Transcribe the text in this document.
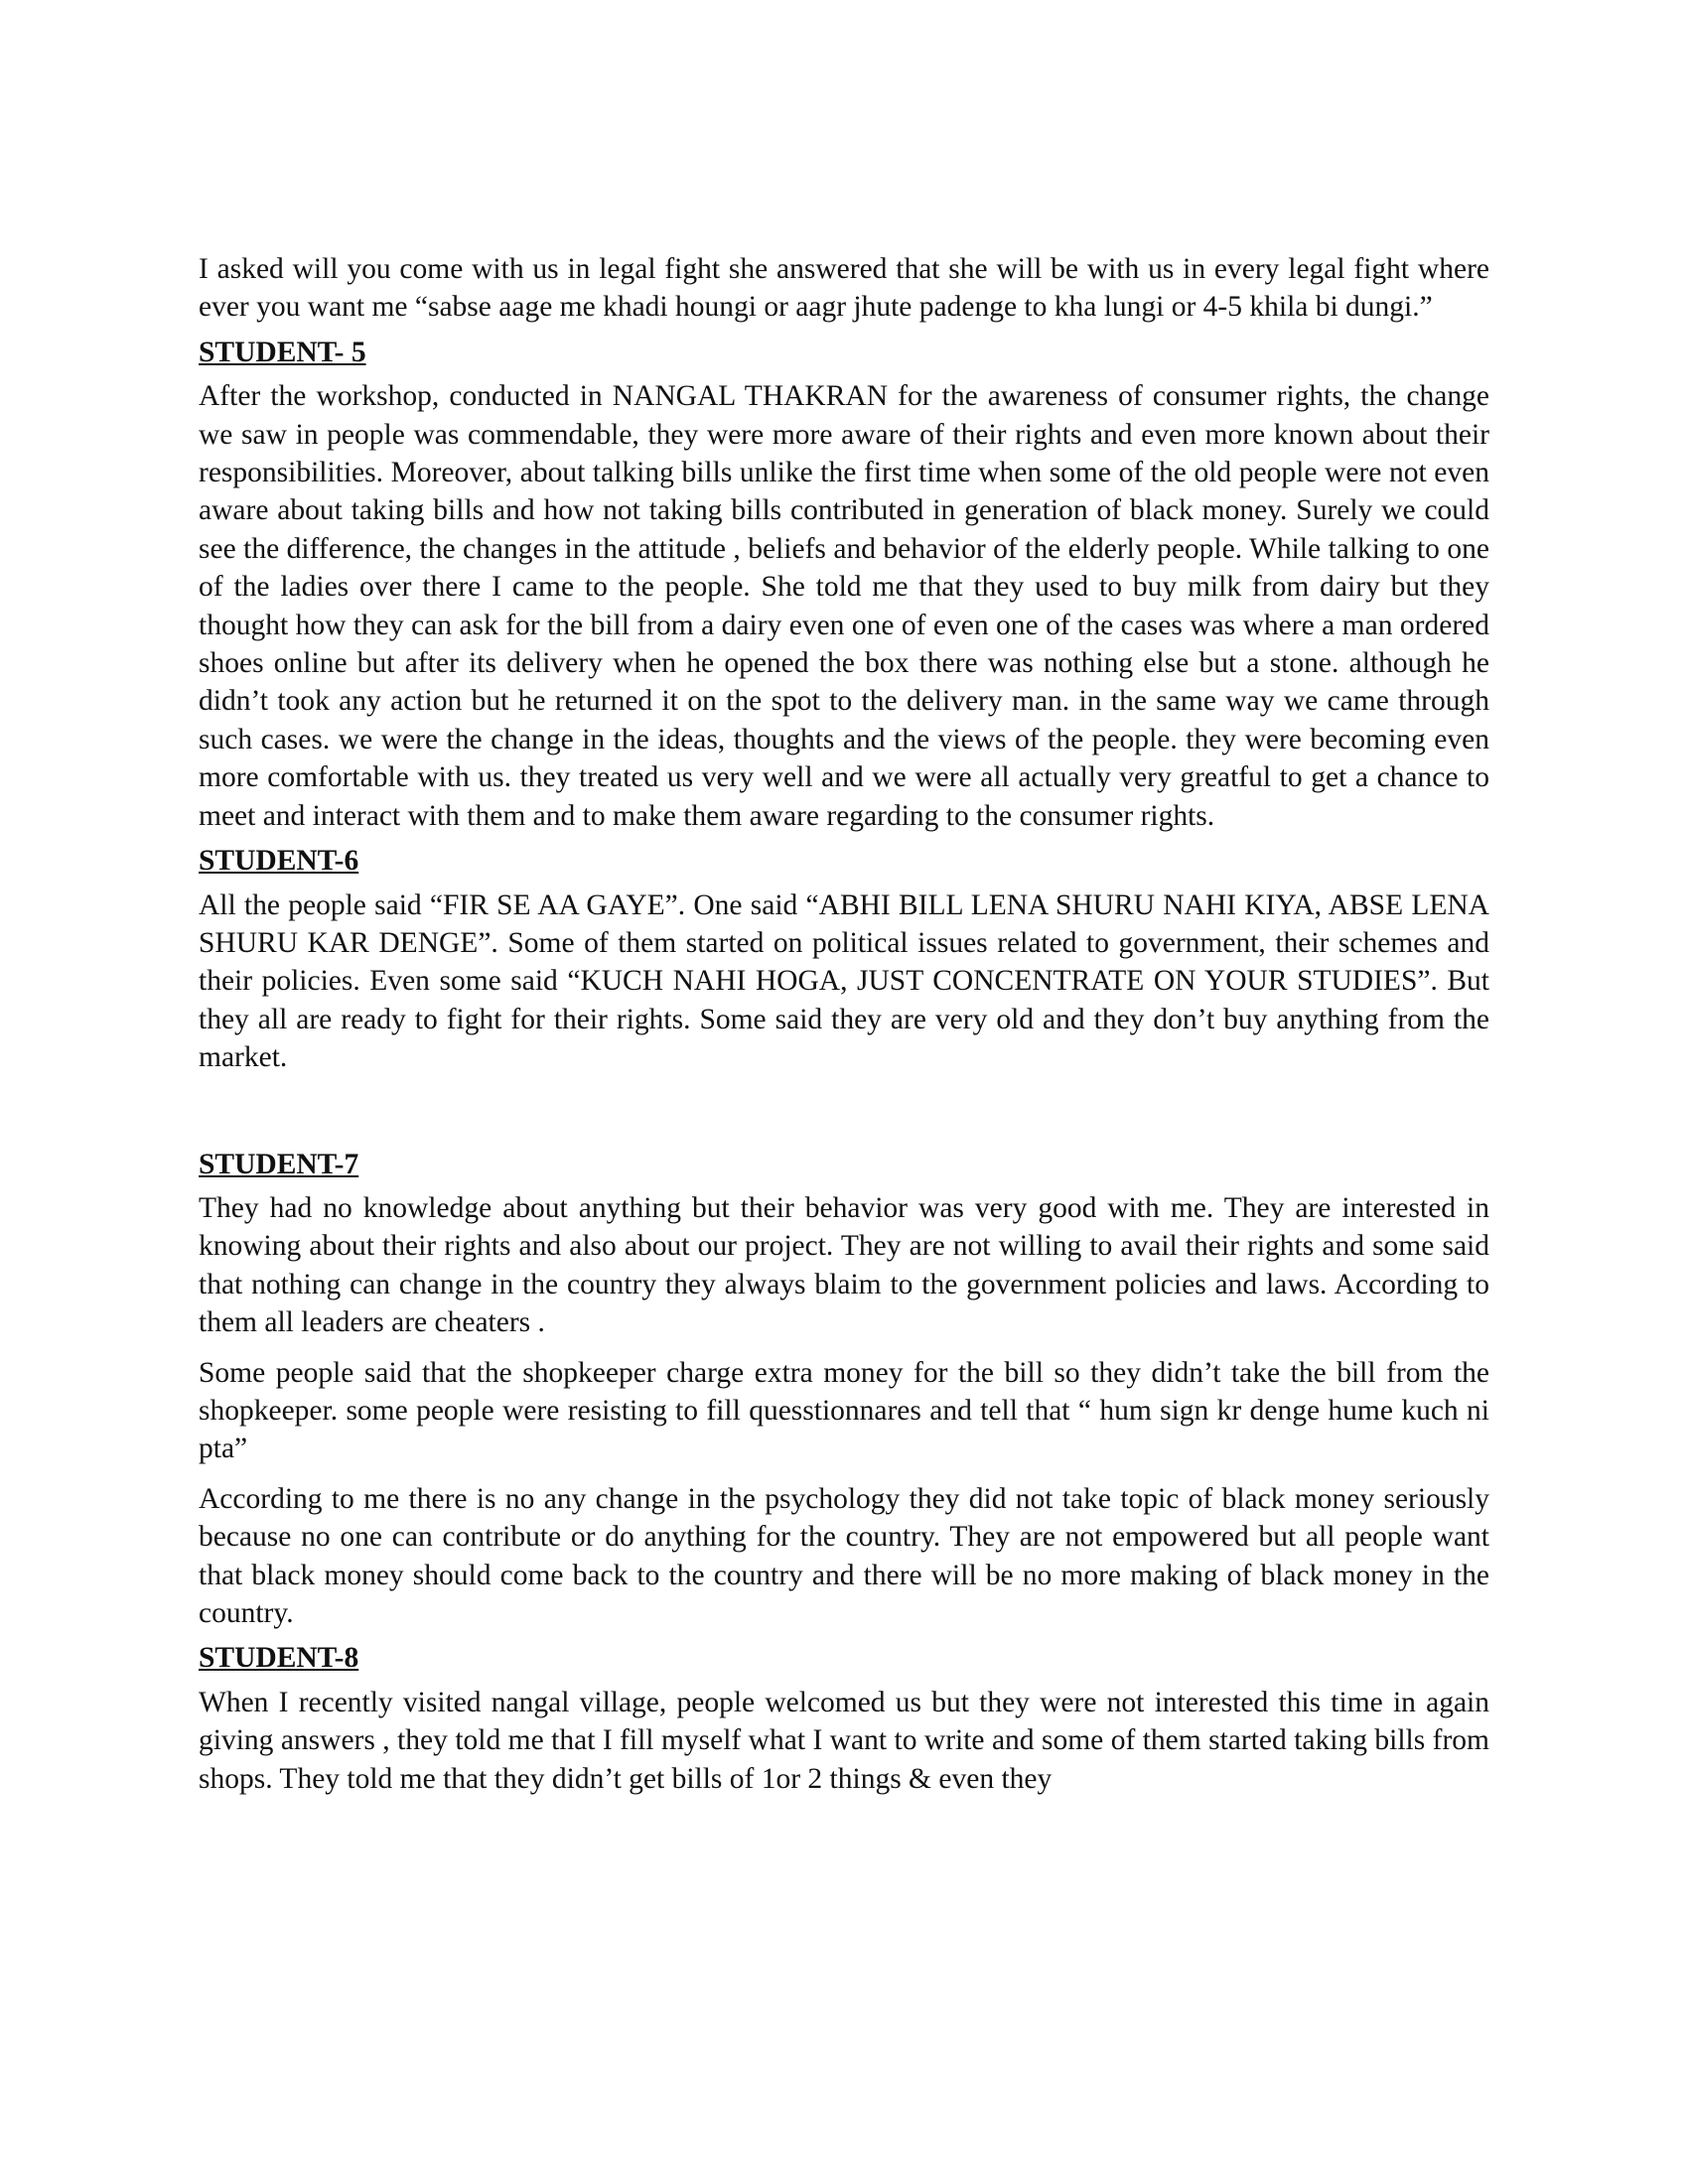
I asked will you come with us in legal fight she answered that she will be with us in every legal fight where ever you want me “sabse aage me khadi houngi or aagr jhute padenge to kha lungi or 4-5 khila bi dungi.”

STUDENT- 5

After the workshop, conducted in NANGAL THAKRAN for the awareness of consumer rights, the change we saw in people was commendable, they were more aware of their rights and even more known about their responsibilities. Moreover, about talking bills unlike the first time when some of the old people were not even aware about taking bills and how not taking bills contributed in generation of black money. Surely we could see the difference, the changes in the attitude , beliefs and behavior of the elderly people. While talking to one of the ladies over there I came to the people. She told me that they used to buy milk from dairy but they thought how they can ask for the bill from a dairy even one of even one of the cases was where a man ordered shoes online but after its delivery when he opened the box there was nothing else but a stone. although he didn’t took any action but he returned it on the spot to the delivery man. in the same way we came through such cases. we were the change in the ideas, thoughts and the views of the people. they were becoming even more comfortable with us. they treated us very well and we were all actually very greatful to get a chance to meet and interact with them and to make them aware regarding to the consumer rights.

STUDENT-6

All the people said “FIR SE AA GAYE”. One said “ABHI BILL LENA SHURU NAHI KIYA, ABSE LENA SHURU KAR DENGE”. Some of them started on political issues related to government, their schemes and their policies. Even some said “KUCH NAHI HOGA, JUST CONCENTRATE ON YOUR STUDIES”. But they all are ready to fight for their rights. Some said they are very old and they don’t buy anything from the market.

STUDENT-7

They had no knowledge about anything but their behavior was very good with me. They are interested in knowing about their rights and also about our project. They are not willing to avail their rights and some said that nothing can change in the country they always blaim to the government policies and laws. According to them all leaders are cheaters .

Some people said that the shopkeeper charge extra money for the bill so they didn’t take the bill from the shopkeeper. some people were resisting to fill quesstionnares and tell that “ hum sign kr denge hume kuch ni pta”

According to me there is no any change in the psychology they did not take topic of black money seriously because no one can contribute or do anything for the country. They are not empowered but all people want that black money should come back to the country and there will be no more making of black money in the country.

STUDENT-8

When I recently visited nangal village, people welcomed us but they were not interested this time in again giving answers , they told me that I fill myself what I want to write and some of them started taking bills from shops. They told me that they didn’t get bills of 1or 2 things & even they
